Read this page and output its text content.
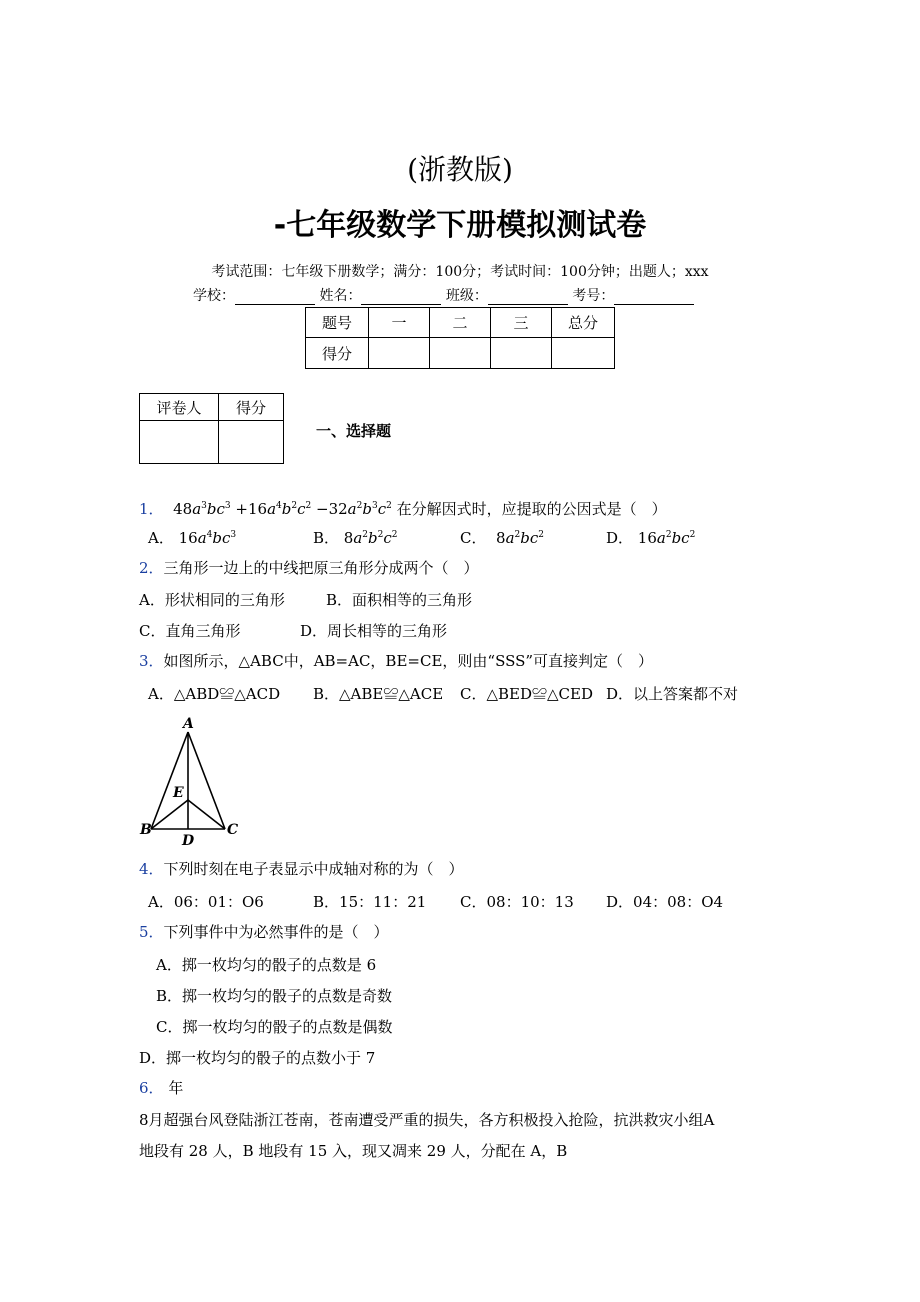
(浙教版)
-七年级数学下册模拟测试卷
考试范围：七年级下册数学；满分：100分；考试时间：100分钟；出题人；xxx
学校：	姓名：	班级：	考号：
题号	一	二	三	总分
得分				
评卷人	得分

一、选择题
1．  $48a^3bc^3 +16a^4b^2c^2 -32a^2b^3c^2$ 在分解因式时，应提取的公因式是（　）
A． $16a^4bc^3$	B． $8a^2b^2c^2$	C．  $8a^2bc^2$	D． $16a^2bc^2$
2．三角形一边上的中线把原三角形分成两个（　）
A．形状相同的三角形	B．面积相等的三角形
C．直角三角形	D．周长相等的三角形
3．如图所示，△ABC中，AB=AC，BE=CE，则由“SSS”可直接判定（　）
A．△ABD≌△ACD B．△ABE≌△ACE C．△BED≌△CED D．以上答案都不对
A
B	C
D
E
4．下列时刻在电子表显示中成轴对称的为（　）
A．06：01：O6	B．15：11：21 C．08：10：13 D．04：08：O4
5．下列事件中为必然事件的是（　）
A．掷一枚均匀的骰子的点数是 6
B．掷一枚均匀的骰子的点数是奇数
C．掷一枚均匀的骰子的点数是偶数
D．掷一枚均匀的骰子的点数小于 7
6． 年
8月超强台风登陆浙江苍南，苍南遭受严重的损失，各方积极投入抢险，抗洪救灾小组A
地段有 28 人，B 地段有 15 入，现又凋来 29 人，分配在 A，B
